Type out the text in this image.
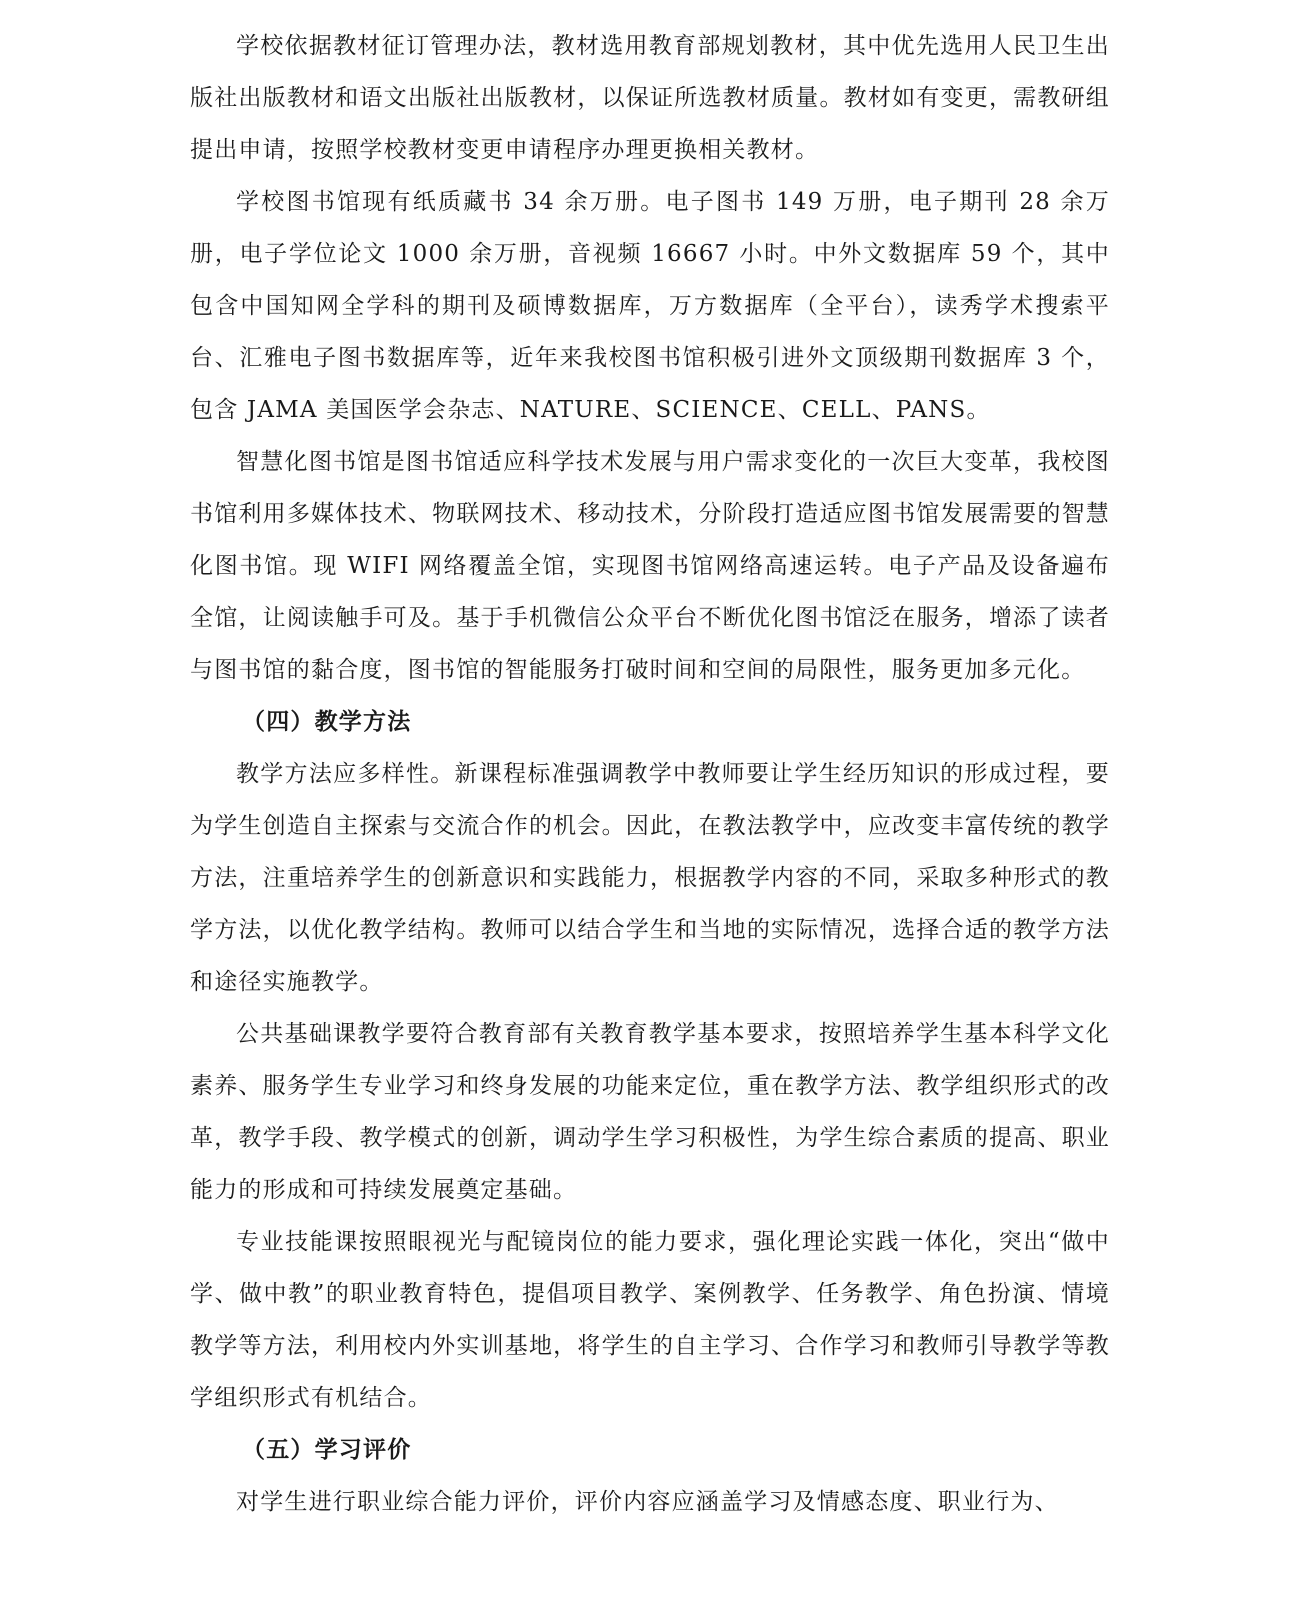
学校依据教材征订管理办法，教材选用教育部规划教材，其中优先选用人民卫生出版社出版教材和语文出版社出版教材，以保证所选教材质量。教材如有变更，需教研组提出申请，按照学校教材变更申请程序办理更换相关教材。

学校图书馆现有纸质藏书 34 余万册。电子图书 149 万册，电子期刊 28 余万册，电子学位论文 1000 余万册，音视频 16667 小时。中外文数据库 59 个，其中包含中国知网全学科的期刊及硕博数据库，万方数据库（全平台），读秀学术搜索平台、汇雅电子图书数据库等，近年来我校图书馆积极引进外文顶级期刊数据库 3 个，包含 JAMA 美国医学会杂志、NATURE、SCIENCE、CELL、PANS。

智慧化图书馆是图书馆适应科学技术发展与用户需求变化的一次巨大变革，我校图书馆利用多媒体技术、物联网技术、移动技术，分阶段打造适应图书馆发展需要的智慧化图书馆。现 WIFI 网络覆盖全馆，实现图书馆网络高速运转。电子产品及设备遍布全馆，让阅读触手可及。基于手机微信公众平台不断优化图书馆泛在服务，增添了读者与图书馆的黏合度，图书馆的智能服务打破时间和空间的局限性，服务更加多元化。

（四）教学方法

教学方法应多样性。新课程标准强调教学中教师要让学生经历知识的形成过程，要为学生创造自主探索与交流合作的机会。因此，在教法教学中，应改变丰富传统的教学方法，注重培养学生的创新意识和实践能力，根据教学内容的不同，采取多种形式的教学方法，以优化教学结构。教师可以结合学生和当地的实际情况，选择合适的教学方法和途径实施教学。

公共基础课教学要符合教育部有关教育教学基本要求，按照培养学生基本科学文化素养、服务学生专业学习和终身发展的功能来定位，重在教学方法、教学组织形式的改革，教学手段、教学模式的创新，调动学生学习积极性，为学生综合素质的提高、职业能力的形成和可持续发展奠定基础。

专业技能课按照眼视光与配镜岗位的能力要求，强化理论实践一体化，突出“做中学、做中教”的职业教育特色，提倡项目教学、案例教学、任务教学、角色扮演、情境教学等方法，利用校内外实训基地，将学生的自主学习、合作学习和教师引导教学等教学组织形式有机结合。

（五）学习评价

对学生进行职业综合能力评价，评价内容应涵盖学习及情感态度、职业行为、
